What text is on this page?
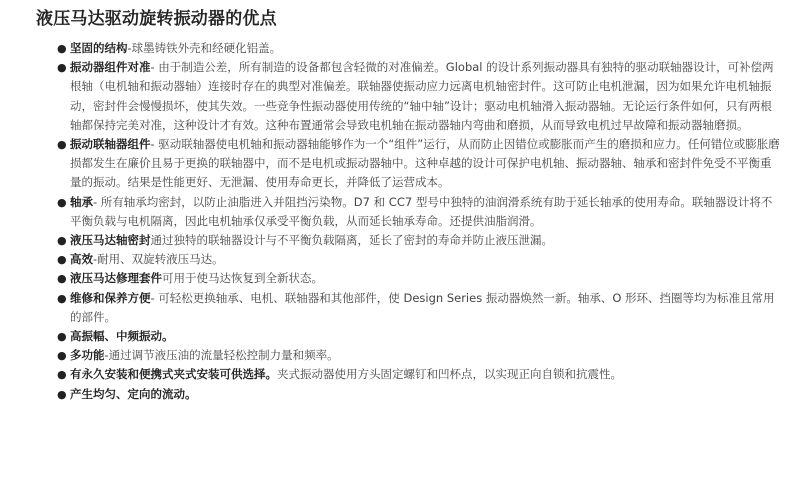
液压马达驱动旋转振动器的优点
● 坚固的结构-球墨铸铁外壳和经硬化铝盖。
● 振动器组件对准- 由于制造公差，所有制造的设备都包含轻微的对准偏差。Global 的设计系列振动器具有独特的驱动联轴器设计，可补偿两根轴（电机轴和振动器轴）连接时存在的典型对准偏差。联轴器使振动应力远离电机轴密封件。这可防止电机泄漏，因为如果允许电机轴振动，密封件会慢慢损坏，使其失效。一些竞争性振动器使用传统的“轴中轴”设计；驱动电机轴滑入振动器轴。无论运行条件如何，只有两根轴都保持完美对准，这种设计才有效。这种布置通常会导致电机轴在振动器轴内弯曲和磨损，从而导致电机过早故障和振动器轴磨损。
● 振动联轴器组件- 驱动联轴器使电机轴和振动器轴能够作为一个“组件”运行，从而防止因错位或膨胀而产生的磨损和应力。任何错位或膨胀磨损都发生在廉价且易于更换的联轴器中，而不是电机或振动器轴中。这种卓越的设计可保护电机轴、振动器轴、轴承和密封件免受不平衡重量的振动。结果是性能更好、无泄漏、使用寿命更长，并降低了运营成本。
● 轴承- 所有轴承均密封，以防止油脂进入并阻挡污染物。D7 和 CC7 型号中独特的油润滑系统有助于延长轴承的使用寿命。联轴器设计将不平衡负载与电机隔离，因此电机轴承仅承受平衡负载，从而延长轴承寿命。还提供油脂润滑。
● 液压马达轴密封通过独特的联轴器设计与不平衡负载隔离，延长了密封的寿命并防止液压泄漏。
● 高效-耐用、双旋转液压马达。
● 液压马达修理套件可用于使马达恢复到全新状态。
● 维修和保养方便- 可轻松更换轴承、电机、联轴器和其他部件，使 Design Series 振动器焕然一新。轴承、O 形环、挡圈等均为标准且常用的部件。
● 高振幅、中频振动。
● 多功能-通过调节液压油的流量轻松控制力量和频率。
● 有永久安装和便携式夹式安装可供选择。夹式振动器使用方头固定螺钉和凹杯点，以实现正向自锁和抗震性。
● 产生均匀、定向的流动。
